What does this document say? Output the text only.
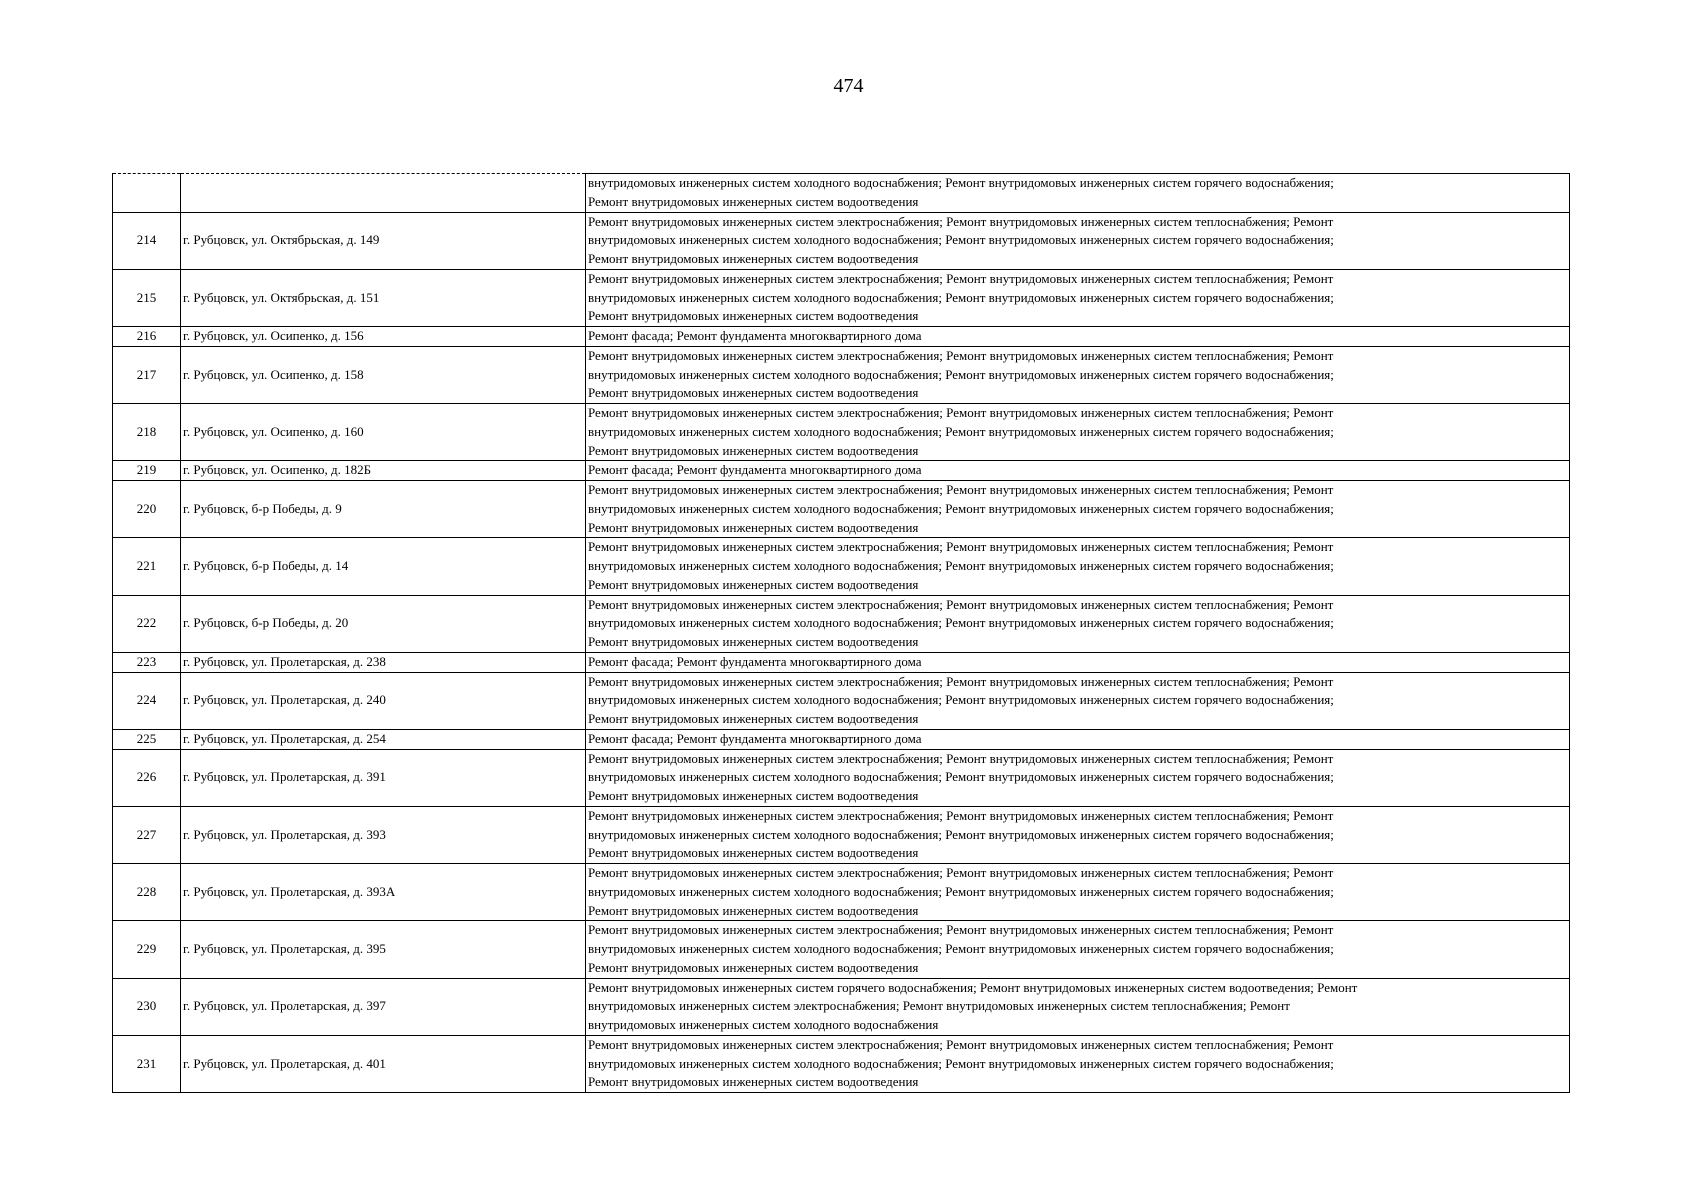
474

		внутридомовых инженерных систем холодного водоснабжения; Ремонт внутридомовых инженерных систем горячего водоснабжения;
Ремонт внутридомовых инженерных систем водоотведения

214	г. Рубцовск, ул. Октябрьская, д. 149	Ремонт внутридомовых инженерных систем электроснабжения; Ремонт внутридомовых инженерных систем теплоснабжения; Ремонт
внутридомовых инженерных систем холодного водоснабжения; Ремонт внутридомовых инженерных систем горячего водоснабжения;
Ремонт внутридомовых инженерных систем водоотведения

215	г. Рубцовск, ул. Октябрьская, д. 151	Ремонт внутридомовых инженерных систем электроснабжения; Ремонт внутридомовых инженерных систем теплоснабжения; Ремонт
внутридомовых инженерных систем холодного водоснабжения; Ремонт внутридомовых инженерных систем горячего водоснабжения;
Ремонт внутридомовых инженерных систем водоотведения

216	г. Рубцовск, ул. Осипенко, д. 156	Ремонт фасада; Ремонт фундамента многоквартирного дома

217	г. Рубцовск, ул. Осипенко, д. 158	Ремонт внутридомовых инженерных систем электроснабжения; Ремонт внутридомовых инженерных систем теплоснабжения; Ремонт
внутридомовых инженерных систем холодного водоснабжения; Ремонт внутридомовых инженерных систем горячего водоснабжения;
Ремонт внутридомовых инженерных систем водоотведения

218	г. Рубцовск, ул. Осипенко, д. 160	Ремонт внутридомовых инженерных систем электроснабжения; Ремонт внутридомовых инженерных систем теплоснабжения; Ремонт
внутридомовых инженерных систем холодного водоснабжения; Ремонт внутридомовых инженерных систем горячего водоснабжения;
Ремонт внутридомовых инженерных систем водоотведения

219	г. Рубцовск, ул. Осипенко, д. 182Б	Ремонт фасада; Ремонт фундамента многоквартирного дома

220	г. Рубцовск, б-р Победы, д. 9	Ремонт внутридомовых инженерных систем электроснабжения; Ремонт внутридомовых инженерных систем теплоснабжения; Ремонт
внутридомовых инженерных систем холодного водоснабжения; Ремонт внутридомовых инженерных систем горячего водоснабжения;
Ремонт внутридомовых инженерных систем водоотведения

221	г. Рубцовск, б-р Победы, д. 14	Ремонт внутридомовых инженерных систем электроснабжения; Ремонт внутридомовых инженерных систем теплоснабжения; Ремонт
внутридомовых инженерных систем холодного водоснабжения; Ремонт внутридомовых инженерных систем горячего водоснабжения;
Ремонт внутридомовых инженерных систем водоотведения

222	г. Рубцовск, б-р Победы, д. 20	Ремонт внутридомовых инженерных систем электроснабжения; Ремонт внутридомовых инженерных систем теплоснабжения; Ремонт
внутридомовых инженерных систем холодного водоснабжения; Ремонт внутридомовых инженерных систем горячего водоснабжения;
Ремонт внутридомовых инженерных систем водоотведения

223	г. Рубцовск, ул. Пролетарская, д. 238	Ремонт фасада; Ремонт фундамента многоквартирного дома

224	г. Рубцовск, ул. Пролетарская, д. 240	Ремонт внутридомовых инженерных систем электроснабжения; Ремонт внутридомовых инженерных систем теплоснабжения; Ремонт
внутридомовых инженерных систем холодного водоснабжения; Ремонт внутридомовых инженерных систем горячего водоснабжения;
Ремонт внутридомовых инженерных систем водоотведения

225	г. Рубцовск, ул. Пролетарская, д. 254	Ремонт фасада; Ремонт фундамента многоквартирного дома

226	г. Рубцовск, ул. Пролетарская, д. 391	Ремонт внутридомовых инженерных систем электроснабжения; Ремонт внутридомовых инженерных систем теплоснабжения; Ремонт
внутридомовых инженерных систем холодного водоснабжения; Ремонт внутридомовых инженерных систем горячего водоснабжения;
Ремонт внутридомовых инженерных систем водоотведения

227	г. Рубцовск, ул. Пролетарская, д. 393	Ремонт внутридомовых инженерных систем электроснабжения; Ремонт внутридомовых инженерных систем теплоснабжения; Ремонт
внутридомовых инженерных систем холодного водоснабжения; Ремонт внутридомовых инженерных систем горячего водоснабжения;
Ремонт внутридомовых инженерных систем водоотведения

228	г. Рубцовск, ул. Пролетарская, д. 393А	Ремонт внутридомовых инженерных систем электроснабжения; Ремонт внутридомовых инженерных систем теплоснабжения; Ремонт
внутридомовых инженерных систем холодного водоснабжения; Ремонт внутридомовых инженерных систем горячего водоснабжения;
Ремонт внутридомовых инженерных систем водоотведения

229	г. Рубцовск, ул. Пролетарская, д. 395	Ремонт внутридомовых инженерных систем электроснабжения; Ремонт внутридомовых инженерных систем теплоснабжения; Ремонт
внутридомовых инженерных систем холодного водоснабжения; Ремонт внутридомовых инженерных систем горячего водоснабжения;
Ремонт внутридомовых инженерных систем водоотведения

230	г. Рубцовск, ул. Пролетарская, д. 397	Ремонт внутридомовых инженерных систем горячего водоснабжения; Ремонт внутридомовых инженерных систем водоотведения; Ремонт
внутридомовых инженерных систем электроснабжения; Ремонт внутридомовых инженерных систем теплоснабжения; Ремонт
внутридомовых инженерных систем холодного водоснабжения

231	г. Рубцовск, ул. Пролетарская, д. 401	Ремонт внутридомовых инженерных систем электроснабжения; Ремонт внутридомовых инженерных систем теплоснабжения; Ремонт
внутридомовых инженерных систем холодного водоснабжения; Ремонт внутридомовых инженерных систем горячего водоснабжения;
Ремонт внутридомовых инженерных систем водоотведения
